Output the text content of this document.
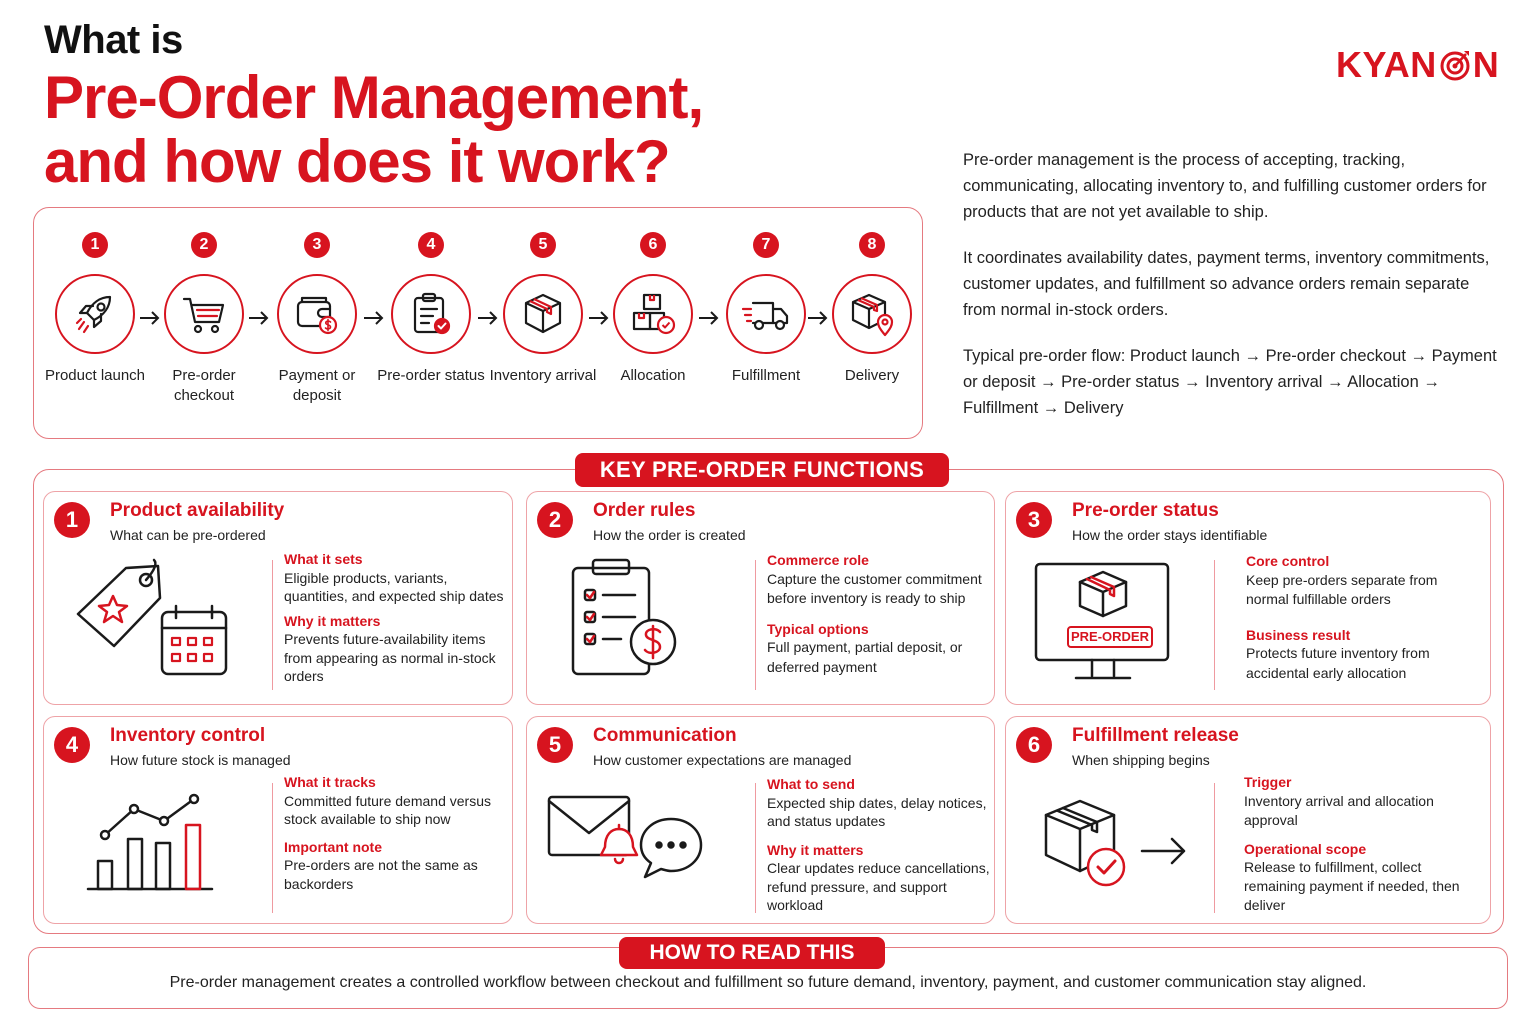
What is
Pre-Order Management,
and how does it work?
KYAN N
Pre-order management is the process of accepting, tracking, communicating, allocating inventory to, and fulfilling customer orders for products that are not yet available to ship.
It coordinates availability dates, payment terms, inventory commitments, customer updates, and fulfillment so advance orders remain separate from normal in-stock orders.
Typical pre-order flow: Product launch → Pre-order checkout → Payment or deposit → Pre-order status → Inventory arrival → Allocation → Fulfillment → Delivery
1
Product launch
2
Pre-order checkout
3
Payment or deposit
4
Pre-order status
5
Inventory arrival
6
Allocation
7
Fulfillment
8
Delivery
KEY PRE-ORDER FUNCTIONS
1	Product availability
What can be pre-ordered
What it sets
Eligible products, variants, quantities, and expected ship dates
Why it matters
Prevents future-availability items from appearing as normal in-stock orders
2	Order rules
How the order is created
Commerce role
Capture the customer commitment before inventory is ready to ship
Typical options
Full payment, partial deposit, or deferred payment
3	Pre-order status
How the order stays identifiable
PRE-ORDER
Core control
Keep pre-orders separate from normal fulfillable orders
Business result
Protects future inventory from accidental early allocation
4	Inventory control
How future stock is managed
What it tracks
Committed future demand versus stock available to ship now
Important note
Pre-orders are not the same as backorders
5	Communication
How customer expectations are managed
What to send
Expected ship dates, delay notices, and status updates
Why it matters
Clear updates reduce cancellations, refund pressure, and support workload
6	Fulfillment release
When shipping begins
Trigger
Inventory arrival and allocation approval
Operational scope
Release to fulfillment, collect remaining payment if needed, then deliver
HOW TO READ THIS
Pre-order management creates a controlled workflow between checkout and fulfillment so future demand, inventory, payment, and customer communication stay aligned.
